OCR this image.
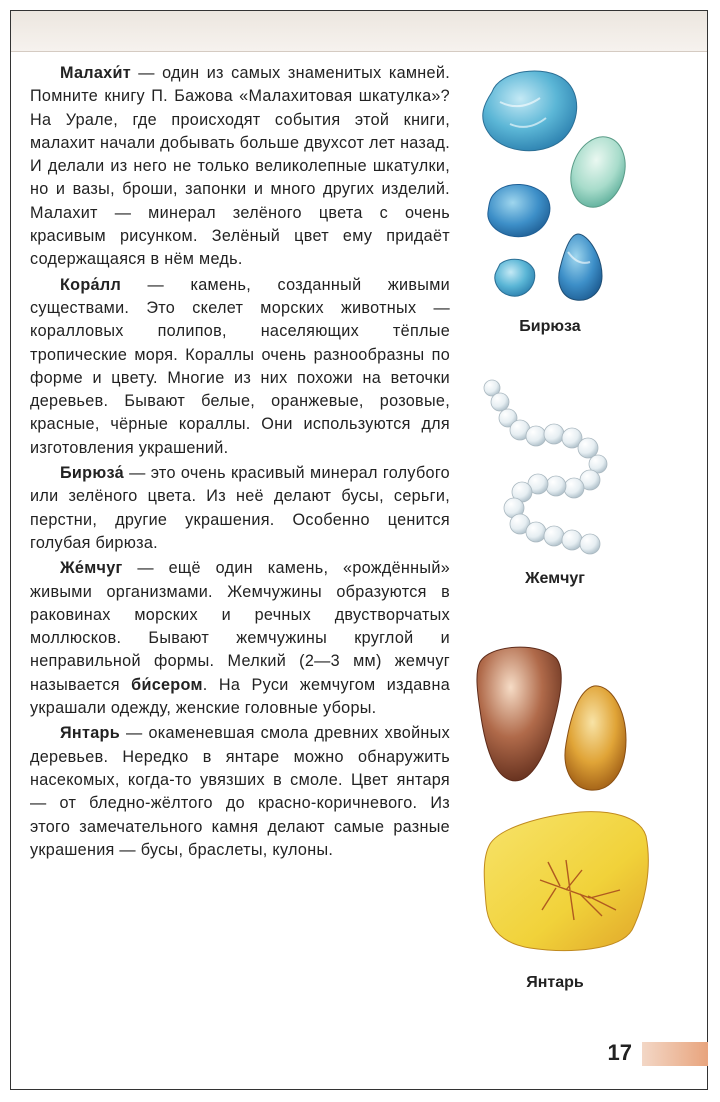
Малахи́т — один из самых знаменитых камней. Помните книгу П. Бажова «Малахитовая шкатулка»? На Урале, где происходят события этой книги, малахит начали добывать больше двухсот лет назад. И делали из него не только великолепные шкатулки, но и вазы, броши, запонки и много других изделий. Малахит — минерал зелёного цвета с очень красивым рисунком. Зелёный цвет ему придаёт содержащаяся в нём медь.

Кора́лл — камень, созданный живыми существами. Это скелет морских животных — коралловых полипов, населяющих тёплые тропические моря. Кораллы очень разнообразны по форме и цвету. Многие из них похожи на веточки деревьев. Бывают белые, оранжевые, розовые, красные, чёрные кораллы. Они используются для изготовления украшений.

Бирюза́ — это очень красивый минерал голубого или зелёного цвета. Из неё делают бусы, серьги, перстни, другие украшения. Особенно ценится голубая бирюза.

Же́мчуг — ещё один камень, «рождённый» живыми организмами. Жемчужины образуются в раковинах морских и речных двустворчатых моллюсков. Бывают жемчужины круглой и неправильной формы. Мелкий (2—3 мм) жемчуг называется би́сером. На Руси жемчугом издавна украшали одежду, женские головные уборы.

Янтарь — окаменевшая смола древних хвойных деревьев. Нередко в янтаре можно обнаружить насекомых, когда-то увязших в смоле. Цвет янтаря — от бледно-жёлтого до красно-коричневого. Из этого замечательного камня делают самые разные украшения — бусы, браслеты, кулоны.

Бирюза
Жемчуг
Янтарь
17
